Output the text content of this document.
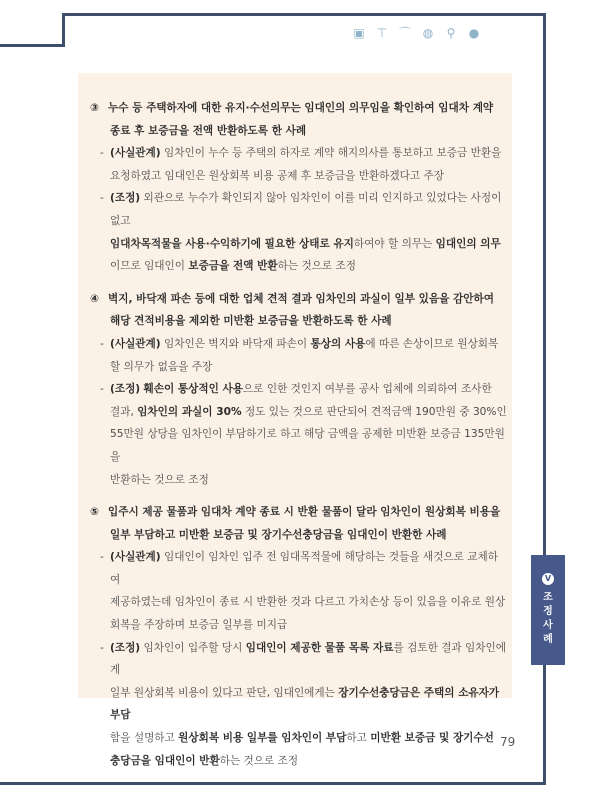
▣ ⊤ ⌒ ◍ ⚲ ●
③ 누수 등 주택하자에 대한 유지·수선의무는 임대인의 의무임을 확인하여 임대차 계약
종료 후 보증금을 전액 반환하도록 한 사례
- (사실관계) 임차인이 누수 등 주택의 하자로 계약 해지의사를 통보하고 보증금 반환을
요청하였고 임대인은 원상회복 비용 공제 후 보증금을 반환하겠다고 주장
- (조정) 외관으로 누수가 확인되지 않아 임차인이 이를 미리 인지하고 있었다는 사정이 없고
임대차목적물을 사용·수익하기에 필요한 상태로 유지하여야 할 의무는 임대인의 의무
이므로 임대인이 보증금을 전액 반환하는 것으로 조정
④ 벽지, 바닥재 파손 등에 대한 업체 견적 결과 임차인의 과실이 일부 있음을 감안하여
해당 견적비용을 제외한 미반환 보증금을 반환하도록 한 사례
- (사실관계) 임차인은 벽지와 바닥재 파손이 통상의 사용에 따른 손상이므로 원상회복
할 의무가 없음을 주장
- (조정) 훼손이 통상적인 사용으로 인한 것인지 여부를 공사 업체에 의뢰하여 조사한
결과, 임차인의 과실이 30% 정도 있는 것으로 판단되어 견적금액 190만원 중 30%인
55만원 상당을 임차인이 부담하기로 하고 해당 금액을 공제한 미반환 보증금 135만원을
반환하는 것으로 조정
⑤ 입주시 제공 물품과 임대차 계약 종료 시 반환 물품이 달라 임차인이 원상회복 비용을
일부 부담하고 미반환 보증금 및 장기수선충당금을 임대인이 반환한 사례
- (사실관계) 임대인이 임차인 입주 전 임대목적물에 해당하는 것들을 새것으로 교체하여
제공하였는데 임차인이 종료 시 반환한 것과 다르고 가치손상 등이 있음을 이유로 원상
회복을 주장하며 보증금 일부를 미지급
- (조정) 임차인이 입주할 당시 임대인이 제공한 물품 목록 자료를 검토한 결과 임차인에게
일부 원상회복 비용이 있다고 판단, 임대인에게는 장기수선충당금은 주택의 소유자가 부담
함을 설명하고 원상회복 비용 일부를 임차인이 부담하고 미반환 보증금 및 장기수선
충당금을 임대인이 반환하는 것으로 조정
V
조정사례
79
